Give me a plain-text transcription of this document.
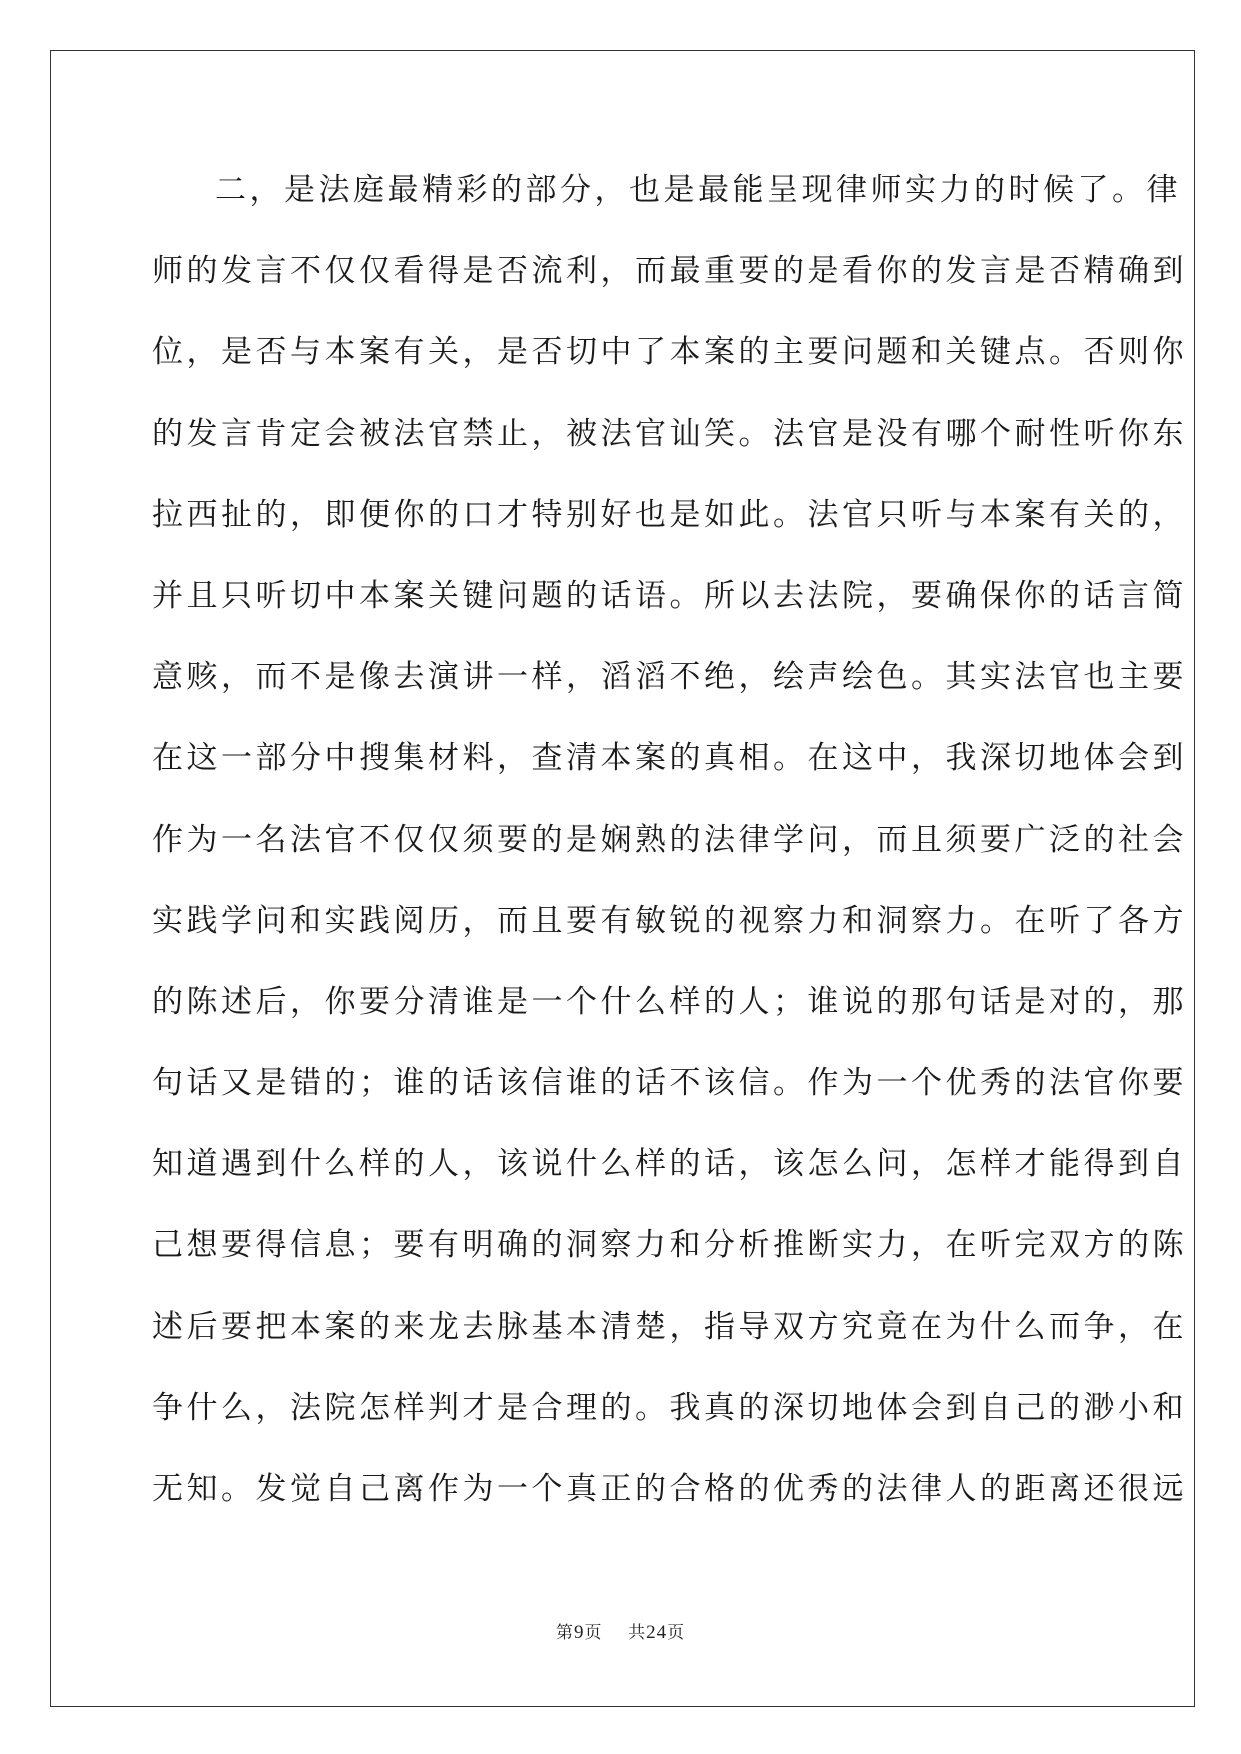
二，是法庭最精彩的部分，也是最能呈现律师实力的时候了。律
师的发言不仅仅看得是否流利，而最重要的是看你的发言是否精确到
位，是否与本案有关，是否切中了本案的主要问题和关键点。否则你
的发言肯定会被法官禁止，被法官讪笑。法官是没有哪个耐性听你东
拉西扯的，即便你的口才特别好也是如此。法官只听与本案有关的，
并且只听切中本案关键问题的话语。所以去法院，要确保你的话言简
意赅，而不是像去演讲一样，滔滔不绝，绘声绘色。其实法官也主要
在这一部分中搜集材料，查清本案的真相。在这中，我深切地体会到
作为一名法官不仅仅须要的是娴熟的法律学问，而且须要广泛的社会
实践学问和实践阅历，而且要有敏锐的视察力和洞察力。在听了各方
的陈述后，你要分清谁是一个什么样的人；谁说的那句话是对的，那
句话又是错的；谁的话该信谁的话不该信。作为一个优秀的法官你要
知道遇到什么样的人，该说什么样的话，该怎么问，怎样才能得到自
己想要得信息；要有明确的洞察力和分析推断实力，在听完双方的陈
述后要把本案的来龙去脉基本清楚，指导双方究竟在为什么而争，在
争什么，法院怎样判才是合理的。我真的深切地体会到自己的渺小和
无知。发觉自己离作为一个真正的合格的优秀的法律人的距离还很远
第9页 共24页
